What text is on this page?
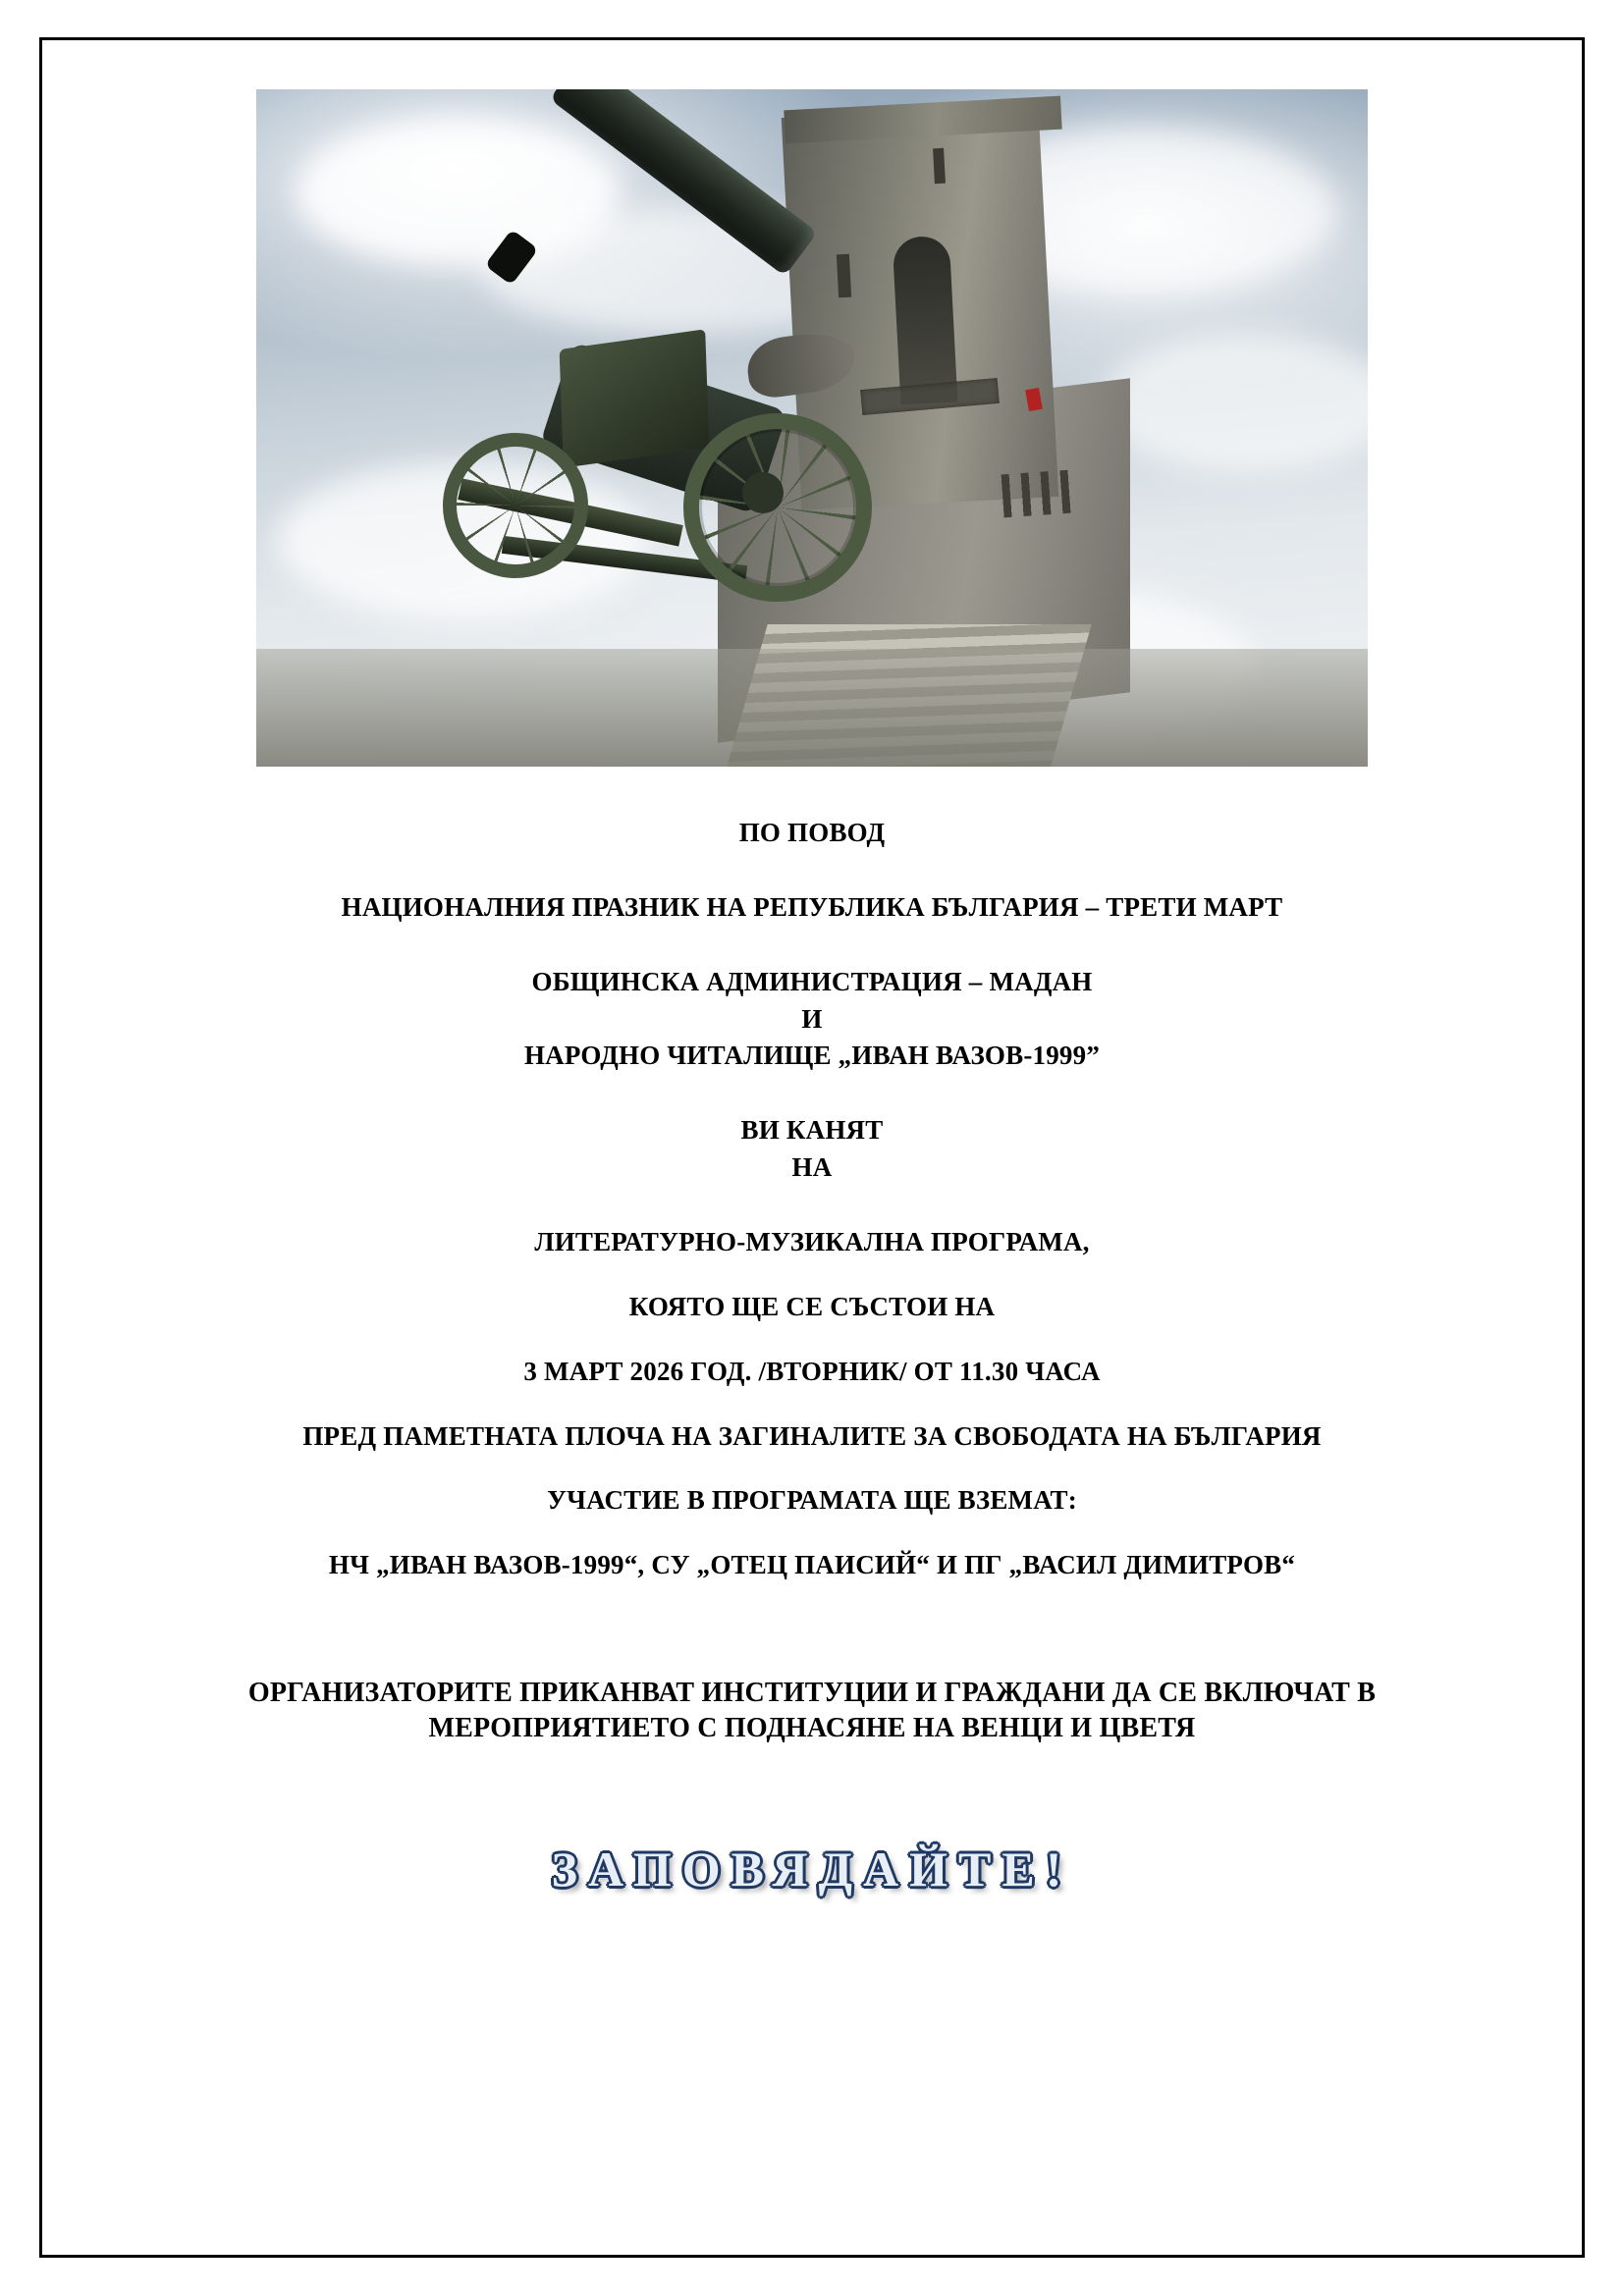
ПО ПОВОД
НАЦИОНАЛНИЯ ПРАЗНИК НА РЕПУБЛИКА БЪЛГАРИЯ – ТРЕТИ МАРТ
ОБЩИНСКА АДМИНИСТРАЦИЯ – МАДАН
И
НАРОДНО ЧИТАЛИЩЕ „ИВАН ВАЗОВ-1999”
ВИ КАНЯТ
НА
ЛИТЕРАТУРНО-МУЗИКАЛНА ПРОГРАМА,
КОЯТО ЩЕ СЕ СЪСТОИ НА
3 МАРТ 2026 ГОД. /ВТОРНИК/ ОТ 11.30 ЧАСА
ПРЕД ПАМЕТНАТА ПЛОЧА НА ЗАГИНАЛИТЕ ЗА СВОБОДАТА НА БЪЛГАРИЯ
УЧАСТИЕ В ПРОГРАМАТА ЩЕ ВЗЕМАТ:
НЧ „ИВАН ВАЗОВ-1999“, СУ „ОТЕЦ ПАИСИЙ“ И ПГ „ВАСИЛ ДИМИТРОВ“
ОРГАНИЗАТОРИТЕ ПРИКАНВАТ ИНСТИТУЦИИ И ГРАЖДАНИ ДА СЕ ВКЛЮЧАТ В
МЕРОПРИЯТИЕТО С ПОДНАСЯНЕ НА ВЕНЦИ И ЦВЕТЯ
ЗАПОВЯДАЙТЕ!
